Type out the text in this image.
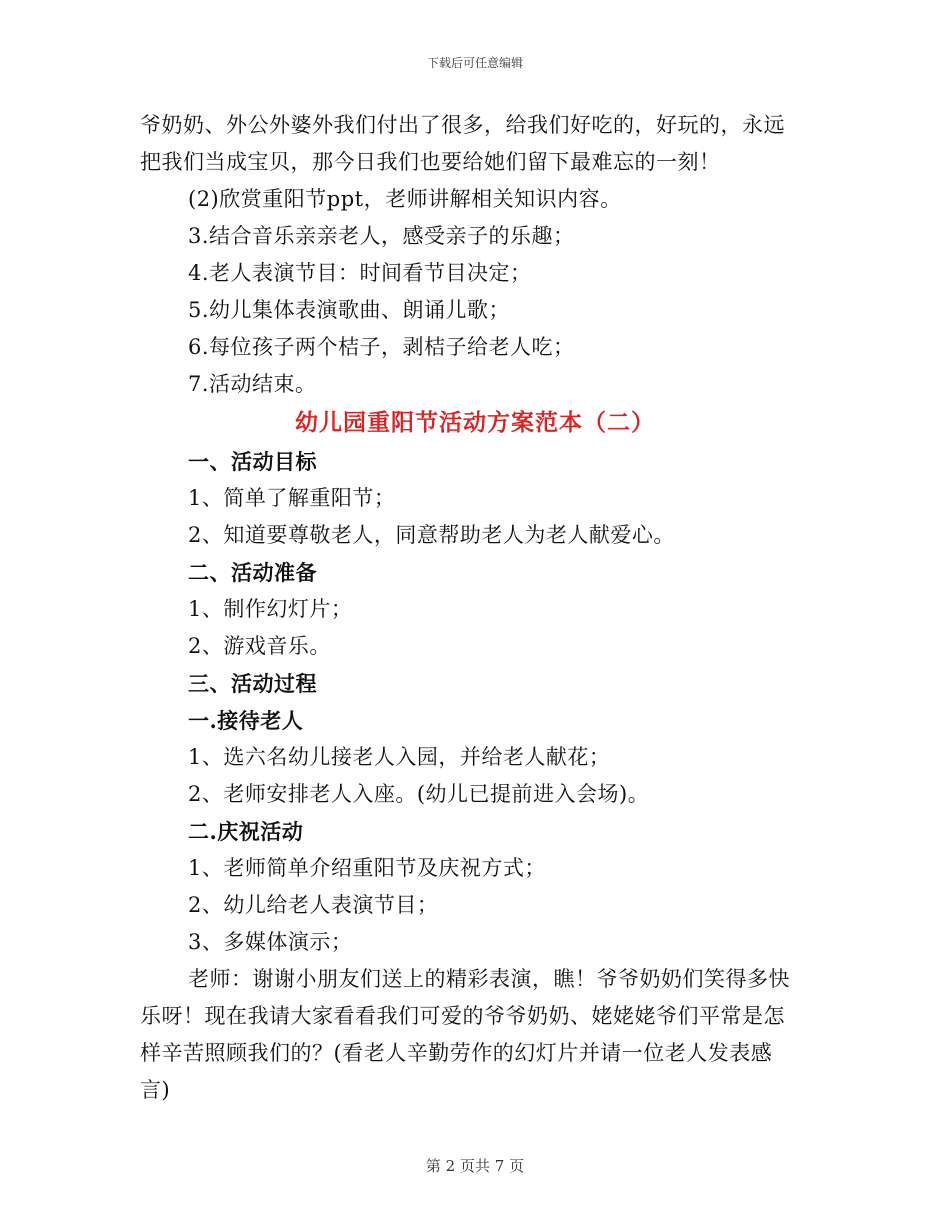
下载后可任意编辑
爷奶奶、外公外婆外我们付出了很多，给我们好吃的，好玩的，永远
把我们当成宝贝，那今日我们也要给她们留下最难忘的一刻！
(2)欣赏重阳节ppt，老师讲解相关知识内容。
3.结合音乐亲亲老人，感受亲子的乐趣；
4.老人表演节目：时间看节目决定；
5.幼儿集体表演歌曲、朗诵儿歌；
6.每位孩子两个桔子，剥桔子给老人吃；
7.活动结束。
幼儿园重阳节活动方案范本（二）
一、活动目标
1、简单了解重阳节；
2、知道要尊敬老人，同意帮助老人为老人献爱心。
二、活动准备
1、制作幻灯片；
2、游戏音乐。
三、活动过程
一.接待老人
1、选六名幼儿接老人入园，并给老人献花；
2、老师安排老人入座。(幼儿已提前进入会场)。
二.庆祝活动
1、老师简单介绍重阳节及庆祝方式；
2、幼儿给老人表演节目；
3、多媒体演示；
老师：谢谢小朋友们送上的精彩表演，瞧！爷爷奶奶们笑得多快
乐呀！现在我请大家看看我们可爱的爷爷奶奶、姥姥姥爷们平常是怎
样辛苦照顾我们的？(看老人辛勤劳作的幻灯片并请一位老人发表感
言)
第 2 页共 7 页
